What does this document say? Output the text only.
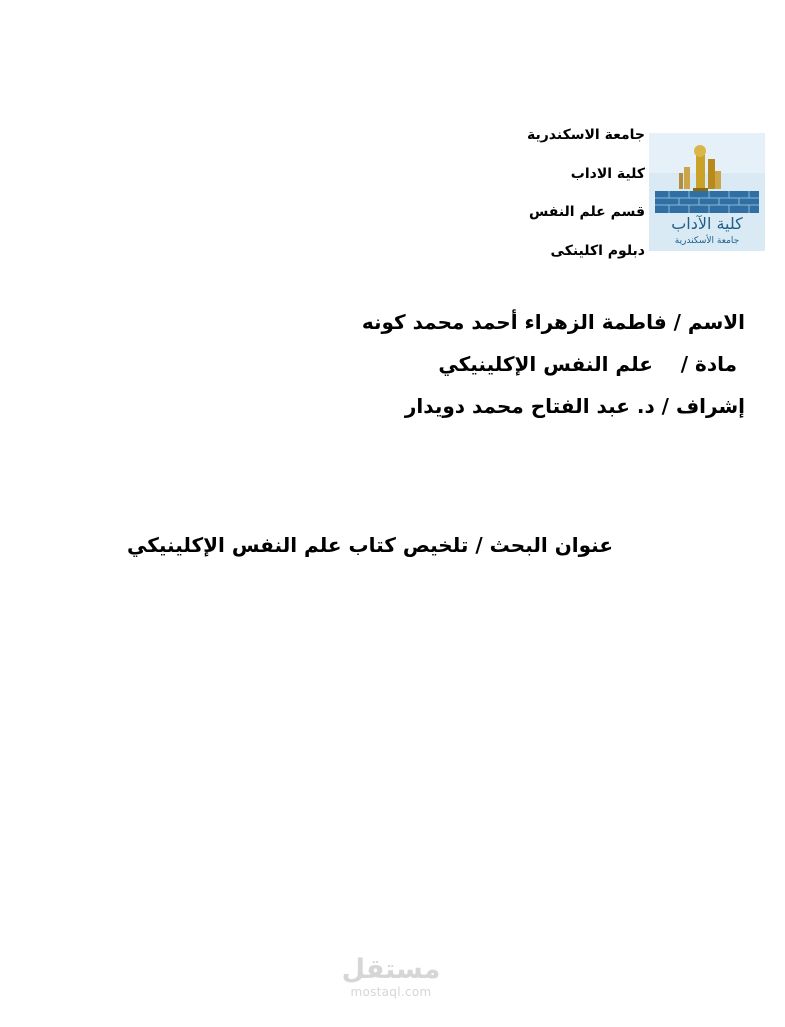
جامعة الاسكندرية
كلية الاداب
قسم علم النفس
دبلوم اكلينكى
كلية الآداب
جامعة الأسكندرية
الاسم / فاطمة الزهراء أحمد محمد كونه
مادة /    علم النفس الإكلينيكي
إشراف / د. عبد الفتاح محمد دويدار
عنوان البحث / تلخيص كتاب علم النفس الإكلينيكي
مستقل
mostaql.com
